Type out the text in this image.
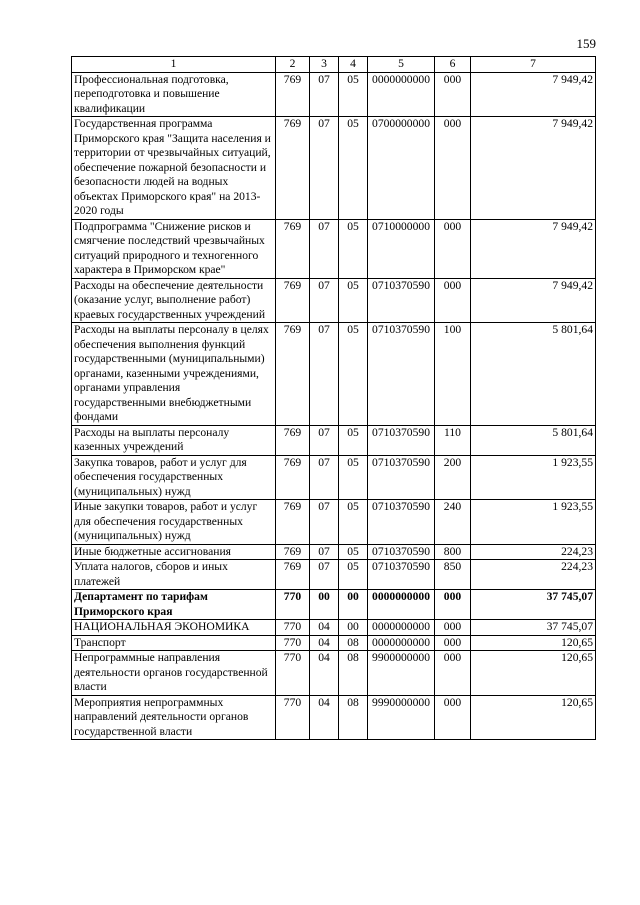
159
1	2	3	4	5	6	7
Профессиональная подготовка, переподготовка и повышение квалификации	769	07	05	0000000000	000	7 949,42
Государственная программа Приморского края "Защита населения и территории от чрезвычайных ситуаций, обеспечение пожарной безопасности и безопасности людей на водных объектах Приморского края" на 2013-2020 годы	769	07	05	0700000000	000	7 949,42
Подпрограмма "Снижение рисков и смягчение последствий чрезвычайных ситуаций природного и техногенного характера в Приморском крае"	769	07	05	0710000000	000	7 949,42
Расходы на обеспечение деятельности (оказание услуг, выполнение работ) краевых государственных учреждений	769	07	05	0710370590	000	7 949,42
Расходы на выплаты персоналу в целях обеспечения выполнения функций государственными (муниципальными) органами, казенными учреждениями, органами управления государственными внебюджетными фондами	769	07	05	0710370590	100	5 801,64
Расходы на выплаты персоналу казенных учреждений	769	07	05	0710370590	110	5 801,64
Закупка товаров, работ и услуг для обеспечения государственных (муниципальных) нужд	769	07	05	0710370590	200	1 923,55
Иные закупки товаров, работ и услуг для обеспечения государственных (муниципальных) нужд	769	07	05	0710370590	240	1 923,55
Иные бюджетные ассигнования	769	07	05	0710370590	800	224,23
Уплата налогов, сборов и иных платежей	769	07	05	0710370590	850	224,23
Департамент по тарифам Приморского края	770	00	00	0000000000	000	37 745,07
НАЦИОНАЛЬНАЯ ЭКОНОМИКА	770	04	00	0000000000	000	37 745,07
Транспорт	770	04	08	0000000000	000	120,65
Непрограммные направления деятельности органов государственной власти	770	04	08	9900000000	000	120,65
Мероприятия непрограммных направлений деятельности органов государственной власти	770	04	08	9990000000	000	120,65
